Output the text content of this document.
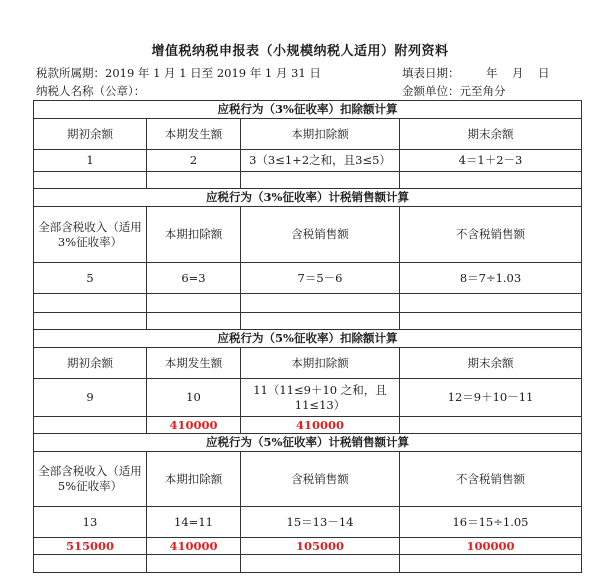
增值税纳税申报表（小规模纳税人适用）附列资料
税款所属期：2019 年 1 月 1 日至 2019 年 1 月 31 日	填表日期： 年 月 日
纳税人名称（公章）：	金额单位：元至角分
应税行为（3%征收率）扣除额计算			
期初余额	本期发生额	本期扣除额	期末余额
1	2	3（3≤1+2之和，且3≤5）	4＝1＋2－3

应税行为（3%征收率）计税销售额计算			
全部含税收入（适用 3%征收率）	本期扣除额	含税销售额	不含税销售额
5	6=3	7＝5－6	8＝7÷1.03

应税行为（5%征收率）扣除额计算			
期初余额	本期发生额	本期扣除额	期末余额
9	10	11（11≤9＋10 之和，且 11≤13）	12＝9＋10－11
	410000	410000	
应税行为（5%征收率）计税销售额计算			
全部含税收入（适用 5%征收率）	本期扣除额	含税销售额	不含税销售额
13	14=11	15＝13－14	16＝15÷1.05
515000	410000	105000	100000
